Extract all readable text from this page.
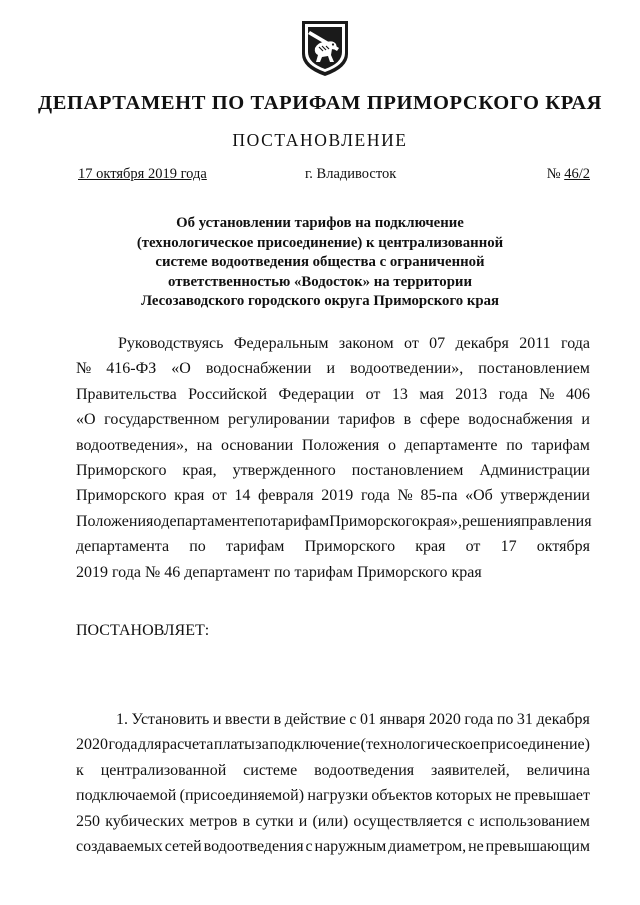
ДЕПАРТАМЕНТ ПО ТАРИФАМ ПРИМОРСКОГО КРАЯ
ПОСТАНОВЛЕНИЕ
17 октября 2019 года	г. Владивосток	№ 46/2
Об установлении тарифов на подключение
(технологическое присоединение) к централизованной
системе водоотведения общества с ограниченной
ответственностью «Водосток» на территории
Лесозаводского городского округа Приморского края
Руководствуясь Федеральным законом от 07 декабря 2011 года
№ 416-ФЗ «О водоснабжении и водоотведении», постановлением
Правительства Российской Федерации от 13 мая 2013 года № 406
«О государственном регулировании тарифов в сфере водоснабжения и
водоотведения», на основании Положения о департаменте по тарифам
Приморского края, утвержденного постановлением Администрации
Приморского края от 14 февраля 2019 года № 85-па «Об утверждении
Положения о департаменте по тарифам Приморского края», решения правления
департамента по тарифам Приморского края от 17 октября
2019 года № 46 департамент по тарифам Приморского края
ПОСТАНОВЛЯЕТ:
1. Установить и ввести в действие с 01 января 2020 года по 31 декабря
2020 года для расчета платы за подключение (технологическое присоединение)
к централизованной системе водоотведения заявителей, величина
подключаемой (присоединяемой) нагрузки объектов которых не превышает
250 кубических метров в сутки и (или) осуществляется с использованием
создаваемых сетей водоотведения с наружным диаметром, не превышающим
